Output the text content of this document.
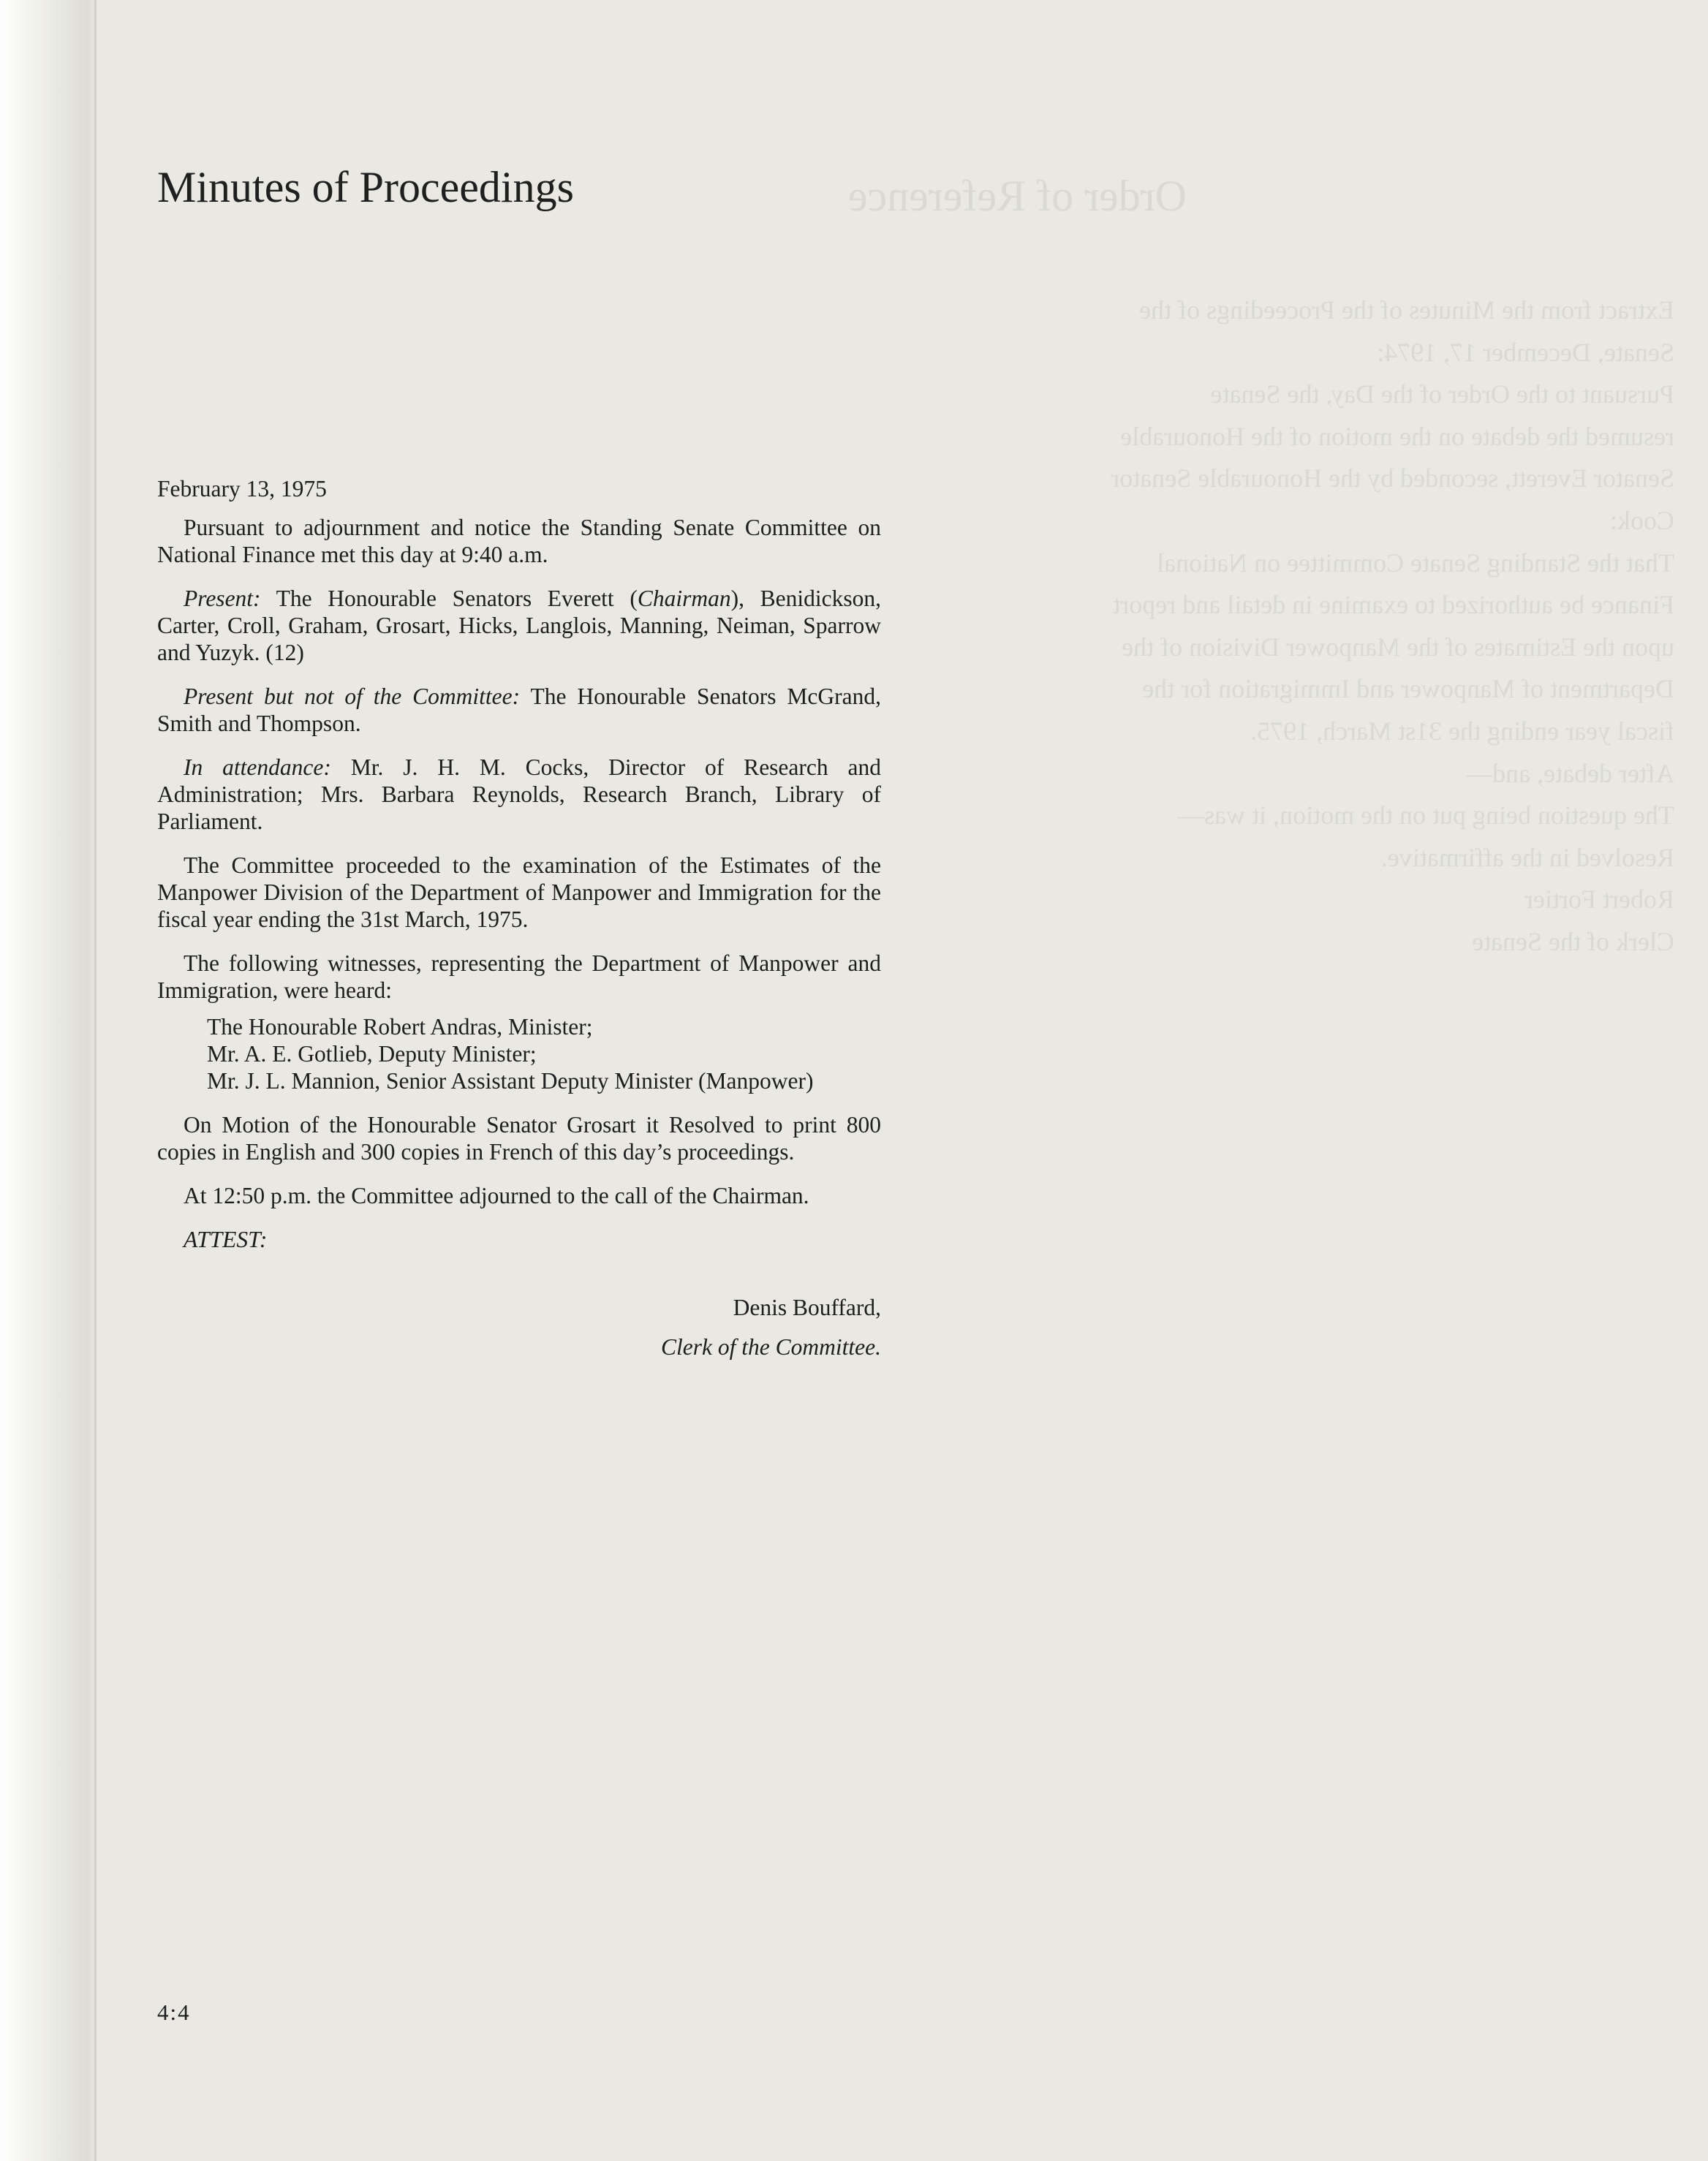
Order of Reference
Extract from the Minutes of the Proceedings of the
Senate, December 17, 1974:
Pursuant to the Order of the Day, the Senate
resumed the debate on the motion of the Honourable
Senator Everett, seconded by the Honourable Senator
Cook:
That the Standing Senate Committee on National
Finance be authorized to examine in detail and report
upon the Estimates of the Manpower Division of the
Department of Manpower and Immigration for the
fiscal year ending the 31st March, 1975.
After debate, and—
The question being put on the motion, it was—
Resolved in the affirmative.
Robert Fortier
Clerk of the Senate
Minutes of Proceedings

February 13, 1975

Pursuant to adjournment and notice the Standing Senate Committee on National Finance met this day at 9:40 a.m.

Present: The Honourable Senators Everett (Chairman), Benidickson, Carter, Croll, Graham, Grosart, Hicks, Langlois, Manning, Neiman, Sparrow and Yuzyk. (12)

Present but not of the Committee: The Honourable Senators McGrand, Smith and Thompson.

In attendance: Mr. J. H. M. Cocks, Director of Research and Administration; Mrs. Barbara Reynolds, Research Branch, Library of Parliament.

The Committee proceeded to the examination of the Estimates of the Manpower Division of the Department of Manpower and Immigration for the fiscal year ending the 31st March, 1975.

The following witnesses, representing the Department of Manpower and Immigration, were heard:

The Honourable Robert Andras, Minister;
Mr. A. E. Gotlieb, Deputy Minister;
Mr. J. L. Mannion, Senior Assistant Deputy Minister (Manpower)

On Motion of the Honourable Senator Grosart it Resolved to print 800 copies in English and 300 copies in French of this day’s proceedings.

At 12:50 p.m. the Committee adjourned to the call of the Chairman.

ATTEST:
Denis Bouffard,
Clerk of the Committee.
4:4
